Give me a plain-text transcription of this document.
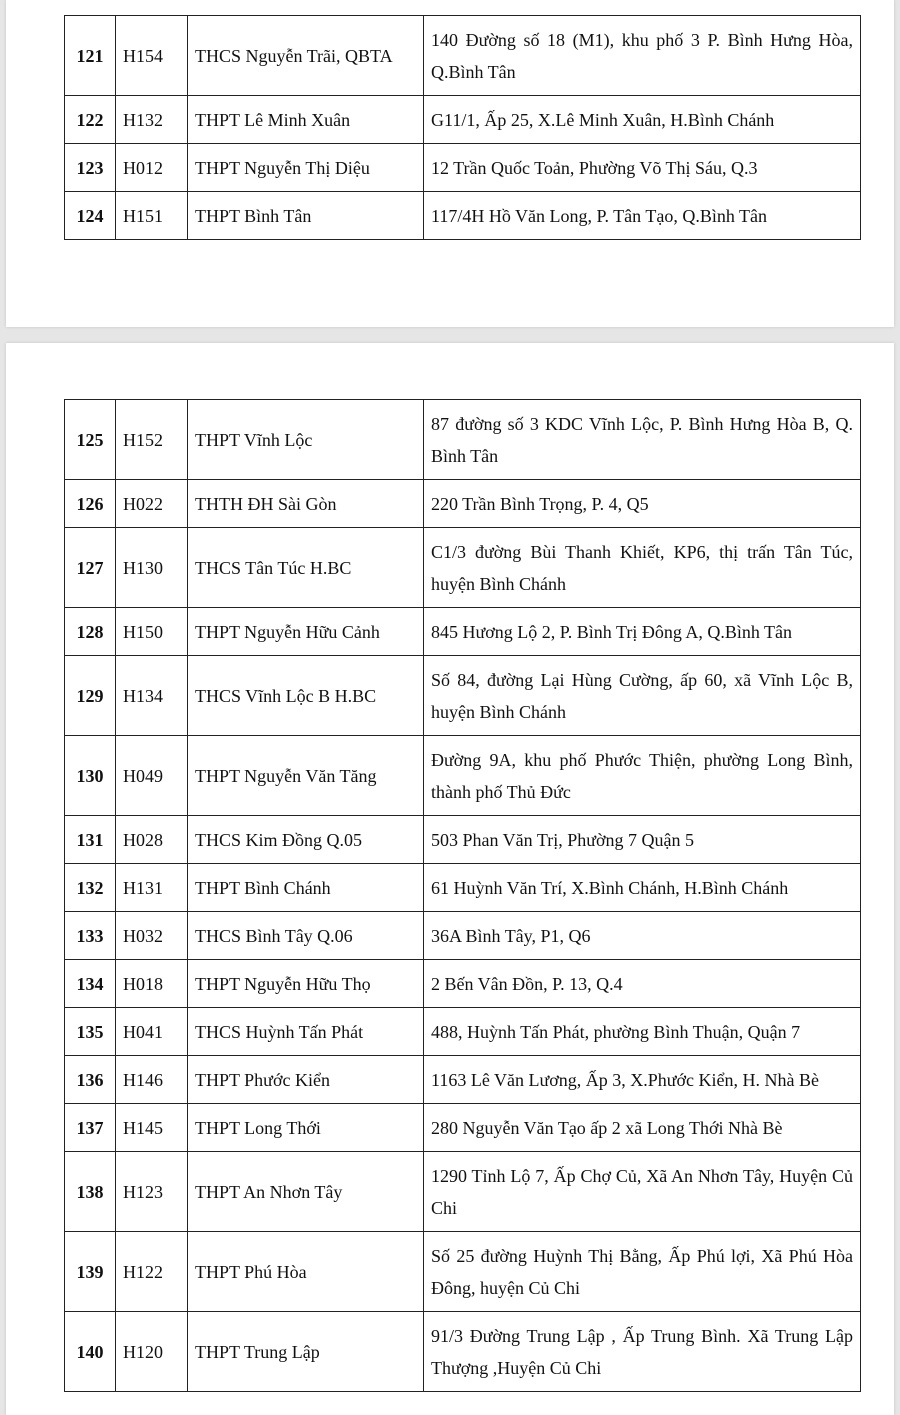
121	H154	THCS Nguyễn Trãi, QBTA	140 Đường số 18 (M1), khu phố 3 P. Bình Hưng Hòa, Q.Bình Tân
122	H132	THPT Lê Minh Xuân	G11/1, Ấp 25, X.Lê Minh Xuân, H.Bình Chánh
123	H012	THPT Nguyễn Thị Diệu	12 Trần Quốc Toản, Phường Võ Thị Sáu, Q.3
124	H151	THPT Bình Tân	117/4H Hồ Văn Long, P. Tân Tạo, Q.Bình Tân
125	H152	THPT Vĩnh Lộc	87 đường số 3 KDC Vĩnh Lộc, P. Bình Hưng Hòa B, Q. Bình Tân
126	H022	THTH ĐH Sài Gòn	220 Trần Bình Trọng, P. 4, Q5
127	H130	THCS Tân Túc H.BC	C1/3 đường Bùi Thanh Khiết, KP6, thị trấn Tân Túc, huyện Bình Chánh
128	H150	THPT Nguyễn Hữu Cảnh	845 Hương Lộ 2, P. Bình Trị Đông A, Q.Bình Tân
129	H134	THCS Vĩnh Lộc B H.BC	Số 84, đường Lại Hùng Cường, ấp 60, xã Vĩnh Lộc B, huyện Bình Chánh
130	H049	THPT Nguyễn Văn Tăng	Đường 9A, khu phố Phước Thiện, phường Long Bình, thành phố Thủ Đức
131	H028	THCS Kim Đồng Q.05	503 Phan Văn Trị, Phường 7 Quận 5
132	H131	THPT Bình Chánh	61 Huỳnh Văn Trí, X.Bình Chánh, H.Bình Chánh
133	H032	THCS Bình Tây Q.06	36A Bình Tây, P1, Q6
134	H018	THPT Nguyễn Hữu Thọ	2 Bến Vân Đồn, P. 13, Q.4
135	H041	THCS Huỳnh Tấn Phát	488, Huỳnh Tấn Phát, phường Bình Thuận, Quận 7
136	H146	THPT Phước Kiển	1163 Lê Văn Lương, Ấp 3, X.Phước Kiển, H. Nhà Bè
137	H145	THPT Long Thới	280 Nguyễn Văn Tạo ấp 2 xã Long Thới Nhà Bè
138	H123	THPT An Nhơn Tây	1290 Tỉnh Lộ 7, Ấp Chợ Củ, Xã An Nhơn Tây, Huyện Củ Chi
139	H122	THPT Phú Hòa	Số 25 đường Huỳnh Thị Bằng, Ấp Phú lợi, Xã Phú Hòa Đông, huyện Củ Chi
140	H120	THPT Trung Lập	91/3 Đường Trung Lập , Ấp Trung Bình. Xã Trung Lập Thượng ,Huyện Củ Chi
